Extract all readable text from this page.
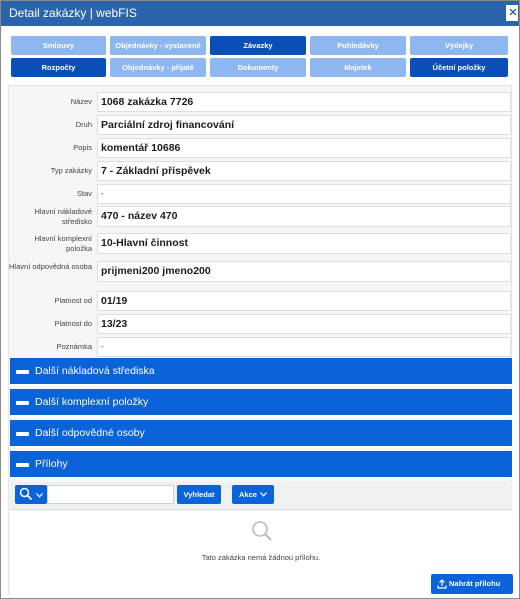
Detail zakázky | webFIS
Smlouvy	Objednávky - vystavené	Závazky	Pohledávky	Výdejky
Rozpočty	Objednávky - přijaté	Dokumenty	Majetek	Účetní položky
Název 1068 zakázka 7726
Druh Parciální zdroj financování
Popis komentář 10686
Typ zakázky 7 - Základní příspěvek
Stav	-
Hlavní nákladové středisko 470 - název 470
Hlavní komplexní položka 10-Hlavní činnost
Hlavní odpovědná osoba prijmeni200 jmeno200
Platnost od 01/19
Platnost do 13/23
Poznámka	-
Další nákladová střediska
Další komplexní položky
Další odpovědné osoby
Přílohy
Vyhledat	Akce
Tato zakázka nemá žádnou přílohu.
Nahrát přílohu
